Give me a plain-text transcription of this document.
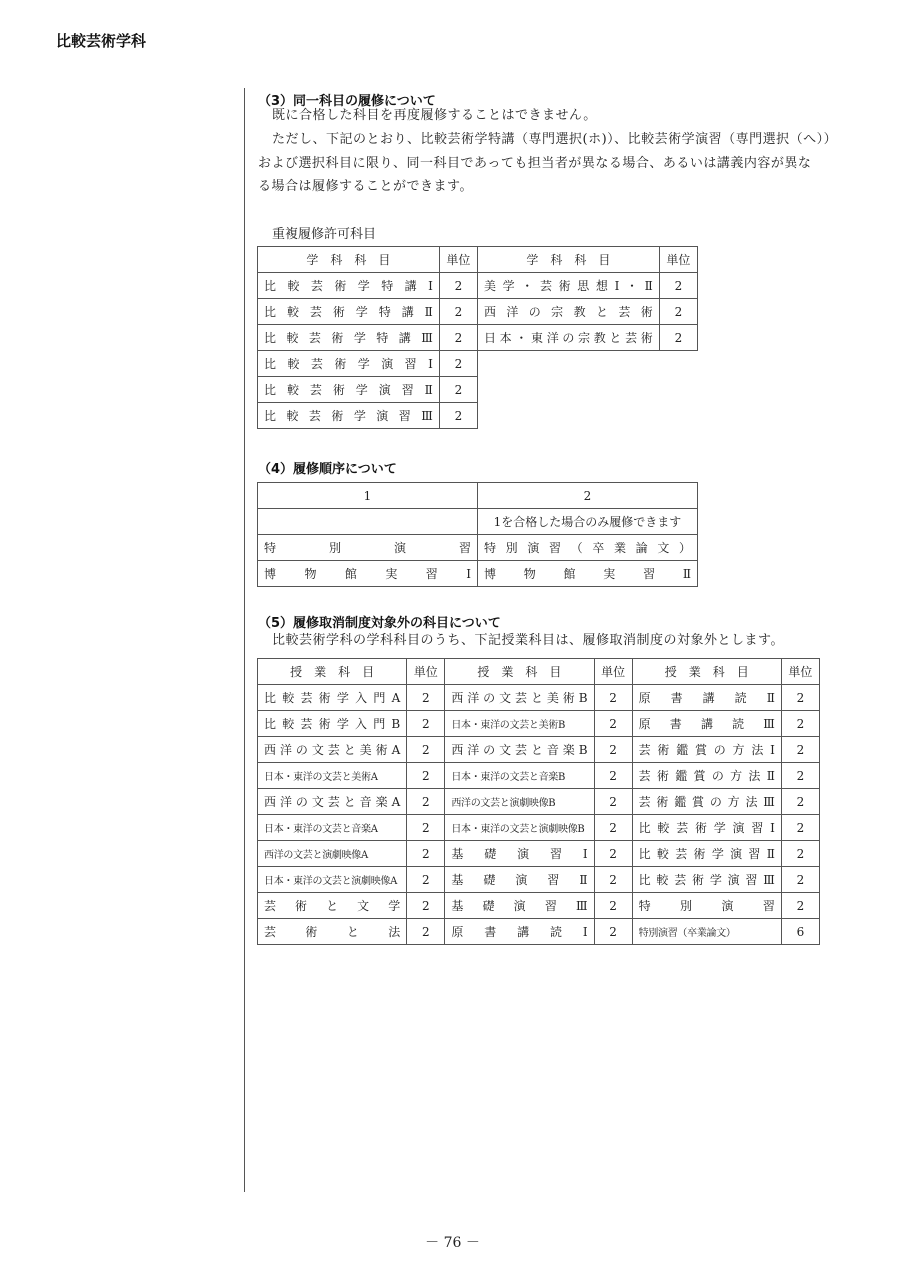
比較芸術学科
（3）同一科目の履修について
既に合格した科目を再度履修することはできません。
ただし、下記のとおり、比較芸術学特講（専門選択(ホ)）、比較芸術学演習（専門選択（へ））
および選択科目に限り、同一科目であっても担当者が異なる場合、あるいは講義内容が異な
る場合は履修することができます。
重複履修許可科目
学　科　科　目	単位	学　科　科　目	単位
比較芸術学特講Ⅰ	2	美学・芸術思想Ⅰ・Ⅱ	2
比較芸術学特講Ⅱ	2	西洋の宗教と芸術	2
比較芸術学特講Ⅲ	2	日本・東洋の宗教と芸術	2
比較芸術学演習Ⅰ	2		
比較芸術学演習Ⅱ	2		
比較芸術学演習Ⅲ	2		
（4）履修順序について
1	2
	1を合格した場合のみ履修できます
特別演習	特別演習（卒業論文）
博物館実習Ⅰ	博物館実習Ⅱ
（5）履修取消制度対象外の科目について
比較芸術学科の学科科目のうち、下記授業科目は、履修取消制度の対象外とします。
授　業　科　目	単位	授　業　科　目	単位	授　業　科　目	単位
比較芸術学入門A	2	西洋の文芸と美術B	2	原書講読Ⅱ	2
比較芸術学入門B	2	日本・東洋の文芸と美術B	2	原書講読Ⅲ	2
西洋の文芸と美術A	2	西洋の文芸と音楽B	2	芸術鑑賞の方法Ⅰ	2
日本・東洋の文芸と美術A	2	日本・東洋の文芸と音楽B	2	芸術鑑賞の方法Ⅱ	2
西洋の文芸と音楽A	2	西洋の文芸と演劇映像B	2	芸術鑑賞の方法Ⅲ	2
日本・東洋の文芸と音楽A	2	日本・東洋の文芸と演劇映像B	2	比較芸術学演習Ⅰ	2
西洋の文芸と演劇映像A	2	基礎演習Ⅰ	2	比較芸術学演習Ⅱ	2
日本・東洋の文芸と演劇映像A	2	基礎演習Ⅱ	2	比較芸術学演習Ⅲ	2
芸術と文学	2	基礎演習Ⅲ	2	特別演習	2
芸術と法	2	原書講読Ⅰ	2	特別演習（卒業論文）	6
－ 76 －
